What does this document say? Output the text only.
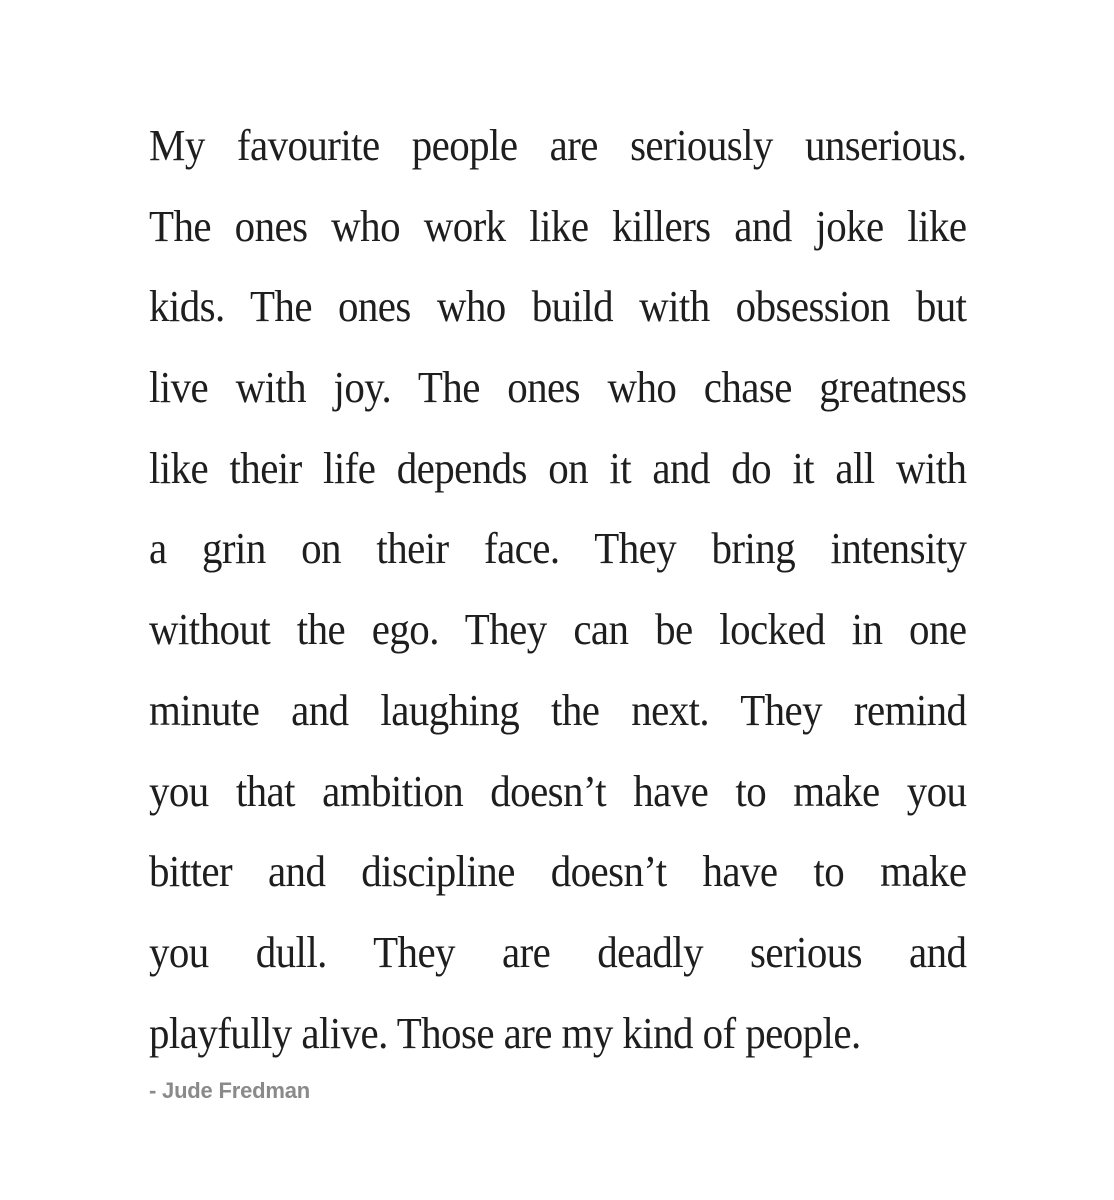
My favourite people are seriously unserious.
The ones who work like killers and joke like
kids. The ones who build with obsession but
live with joy. The ones who chase greatness
like their life depends on it and do it all with
a grin on their face. They bring intensity
without the ego. They can be locked in one
minute and laughing the next. They remind
you that ambition doesn’t have to make you
bitter and discipline doesn’t have to make
you dull. They are deadly serious and
playfully alive. Those are my kind of people.
- Jude Fredman
